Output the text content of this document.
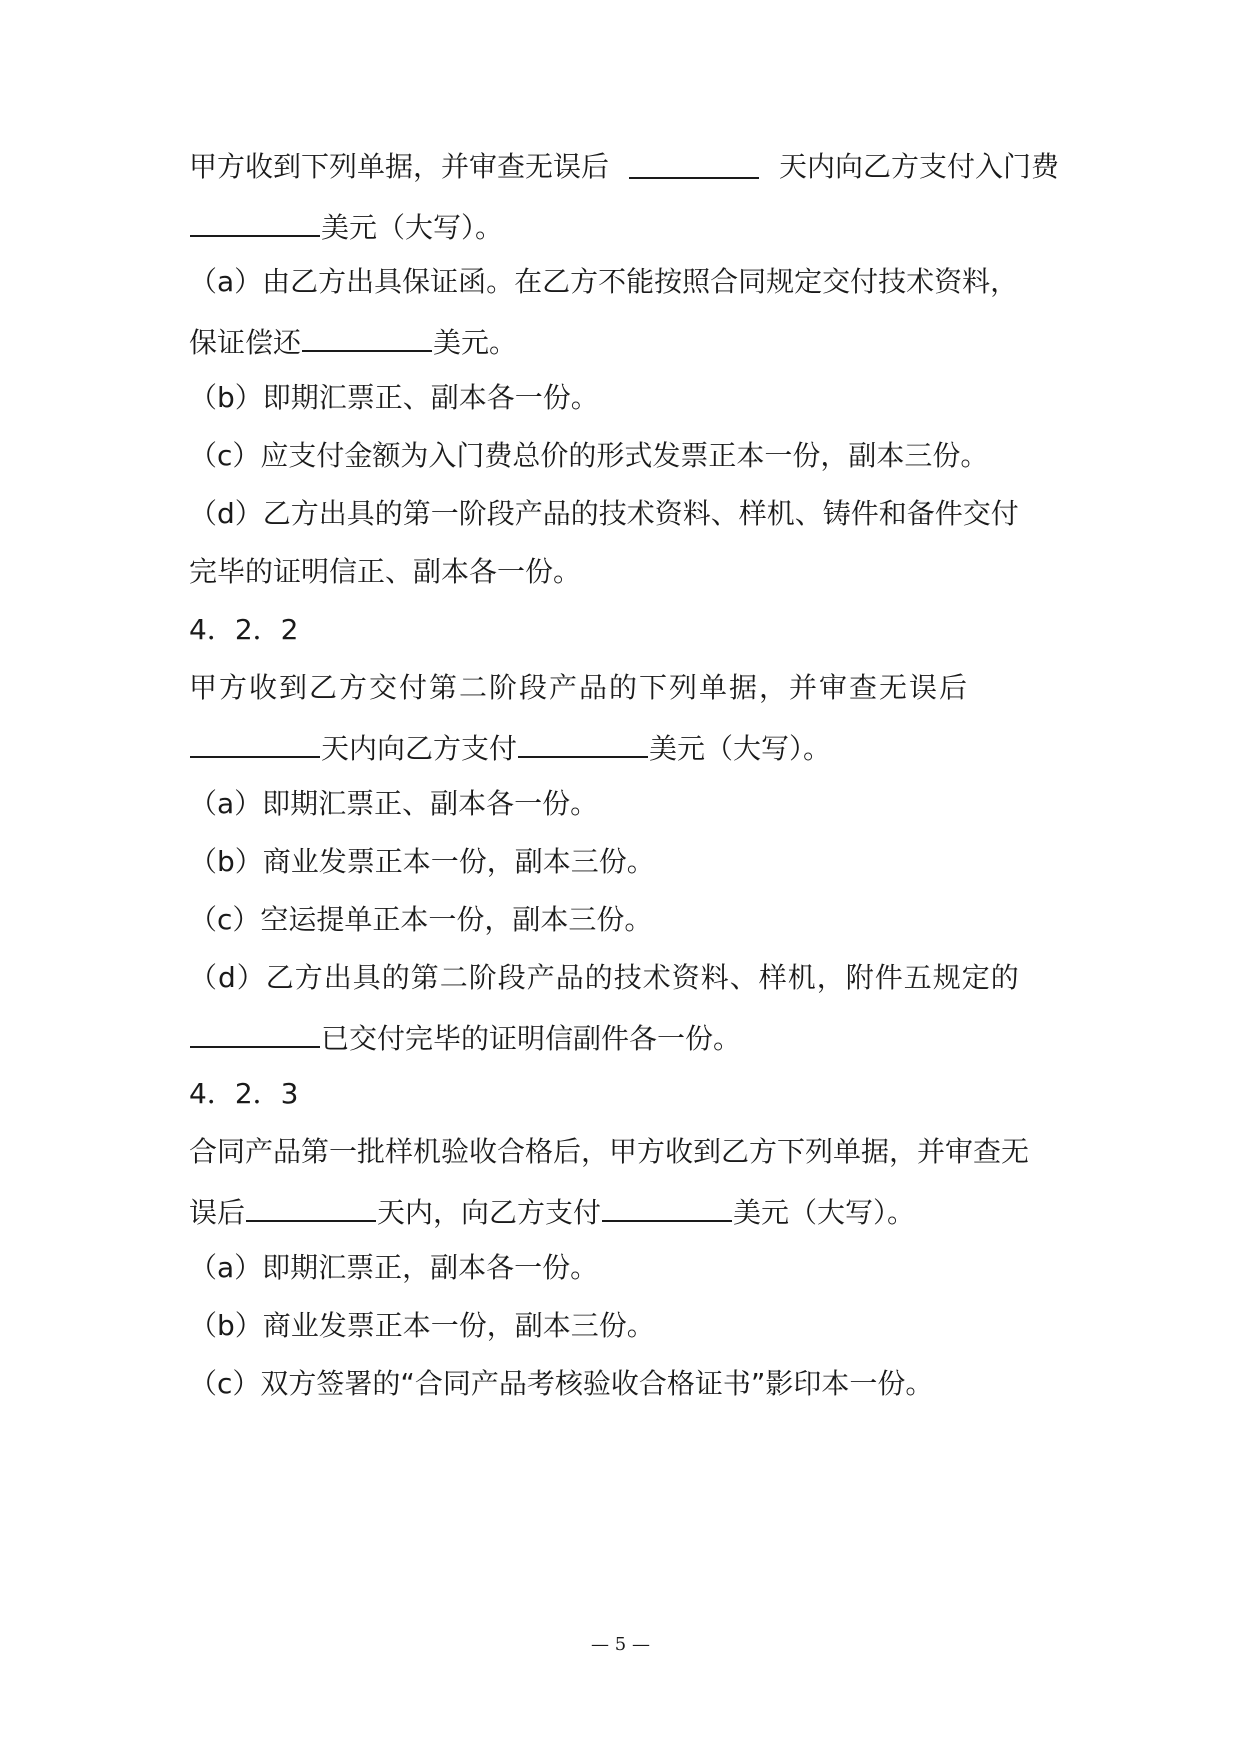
甲方收到下列单据，并审查无误后	天内向乙方支付入门费
美元（大写）。
（a）由乙方出具保证函。在乙方不能按照合同规定交付技术资料，
保证偿还	美元。
（b）即期汇票正、副本各一份。
（c）应支付金额为入门费总价的形式发票正本一份，副本三份。
（d）乙方出具的第一阶段产品的技术资料、样机、铸件和备件交付
完毕的证明信正、副本各一份。
4．2．2
甲方收到乙方交付第二阶段产品的下列单据，并审查无误后
天内向乙方支付	美元（大写）。
（a）即期汇票正、副本各一份。
（b）商业发票正本一份，副本三份。
（c）空运提单正本一份，副本三份。
（d）乙方出具的第二阶段产品的技术资料、样机，附件五规定的
已交付完毕的证明信副件各一份。
4．2．3
合同产品第一批样机验收合格后，甲方收到乙方下列单据，并审查无
误后	天内，向乙方支付	美元（大写）。
（a）即期汇票正，副本各一份。
（b）商业发票正本一份，副本三份。
（c）双方签署的“合同产品考核验收合格证书”影印本一份。
— 5 —
